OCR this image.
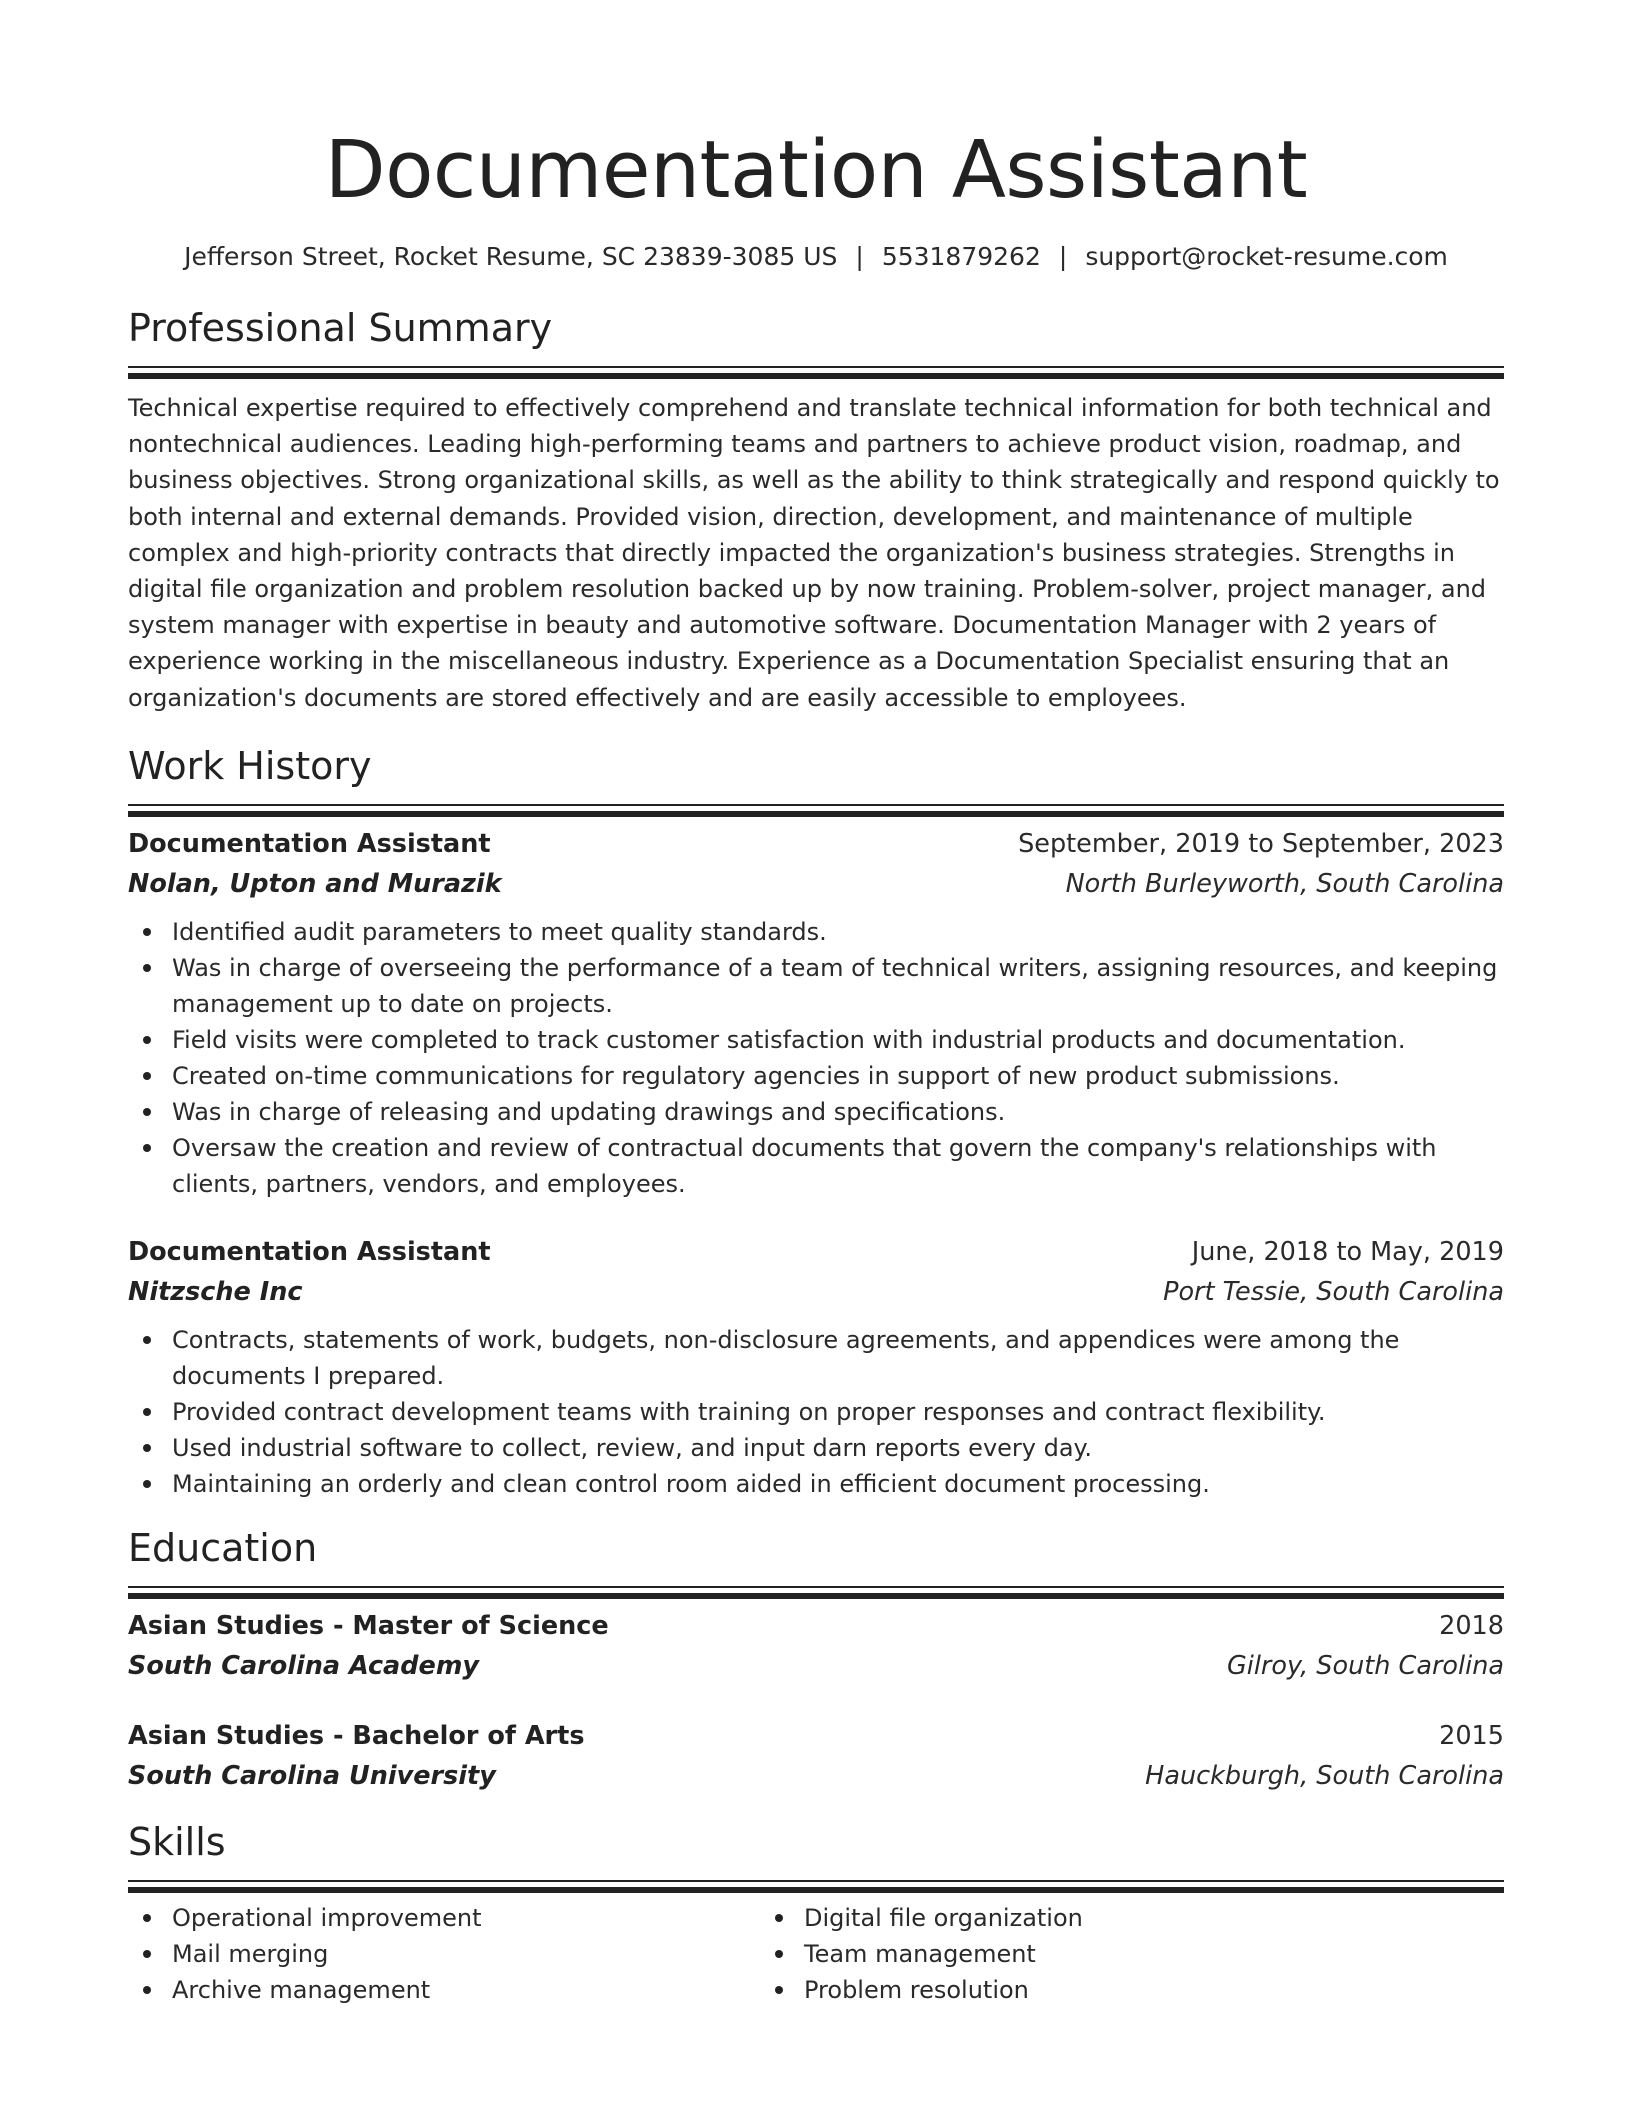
Documentation Assistant
Jefferson Street, Rocket Resume, SC 23839-3085 US | 5531879262 | support@rocket-resume.com
Professional Summary
Technical expertise required to effectively comprehend and translate technical information for both technical and nontechnical audiences. Leading high-performing teams and partners to achieve product vision, roadmap, and business objectives. Strong organizational skills, as well as the ability to think strategically and respond quickly to both internal and external demands. Provided vision, direction, development, and maintenance of multiple complex and high-priority contracts that directly impacted the organization's business strategies. Strengths in digital file organization and problem resolution backed up by now training. Problem-solver, project manager, and system manager with expertise in beauty and automotive software. Documentation Manager with 2 years of experience working in the miscellaneous industry. Experience as a Documentation Specialist ensuring that an organization's documents are stored effectively and are easily accessible to employees.
Work History
Documentation Assistant	September, 2019 to September, 2023
Nolan, Upton and Murazik	North Burleyworth, South Carolina
Identified audit parameters to meet quality standards.
Was in charge of overseeing the performance of a team of technical writers, assigning resources, and keeping management up to date on projects.
Field visits were completed to track customer satisfaction with industrial products and documentation.
Created on-time communications for regulatory agencies in support of new product submissions.
Was in charge of releasing and updating drawings and specifications.
Oversaw the creation and review of contractual documents that govern the company's relationships with clients, partners, vendors, and employees.
Documentation Assistant	June, 2018 to May, 2019
Nitzsche Inc	Port Tessie, South Carolina
Contracts, statements of work, budgets, non-disclosure agreements, and appendices were among the documents I prepared.
Provided contract development teams with training on proper responses and contract flexibility.
Used industrial software to collect, review, and input darn reports every day.
Maintaining an orderly and clean control room aided in efficient document processing.
Education
Asian Studies - Master of Science	2018
South Carolina Academy	Gilroy, South Carolina
Asian Studies - Bachelor of Arts	2015
South Carolina University	Hauckburgh, South Carolina
Skills
Operational improvement
Mail merging
Archive management
Digital file organization
Team management
Problem resolution
